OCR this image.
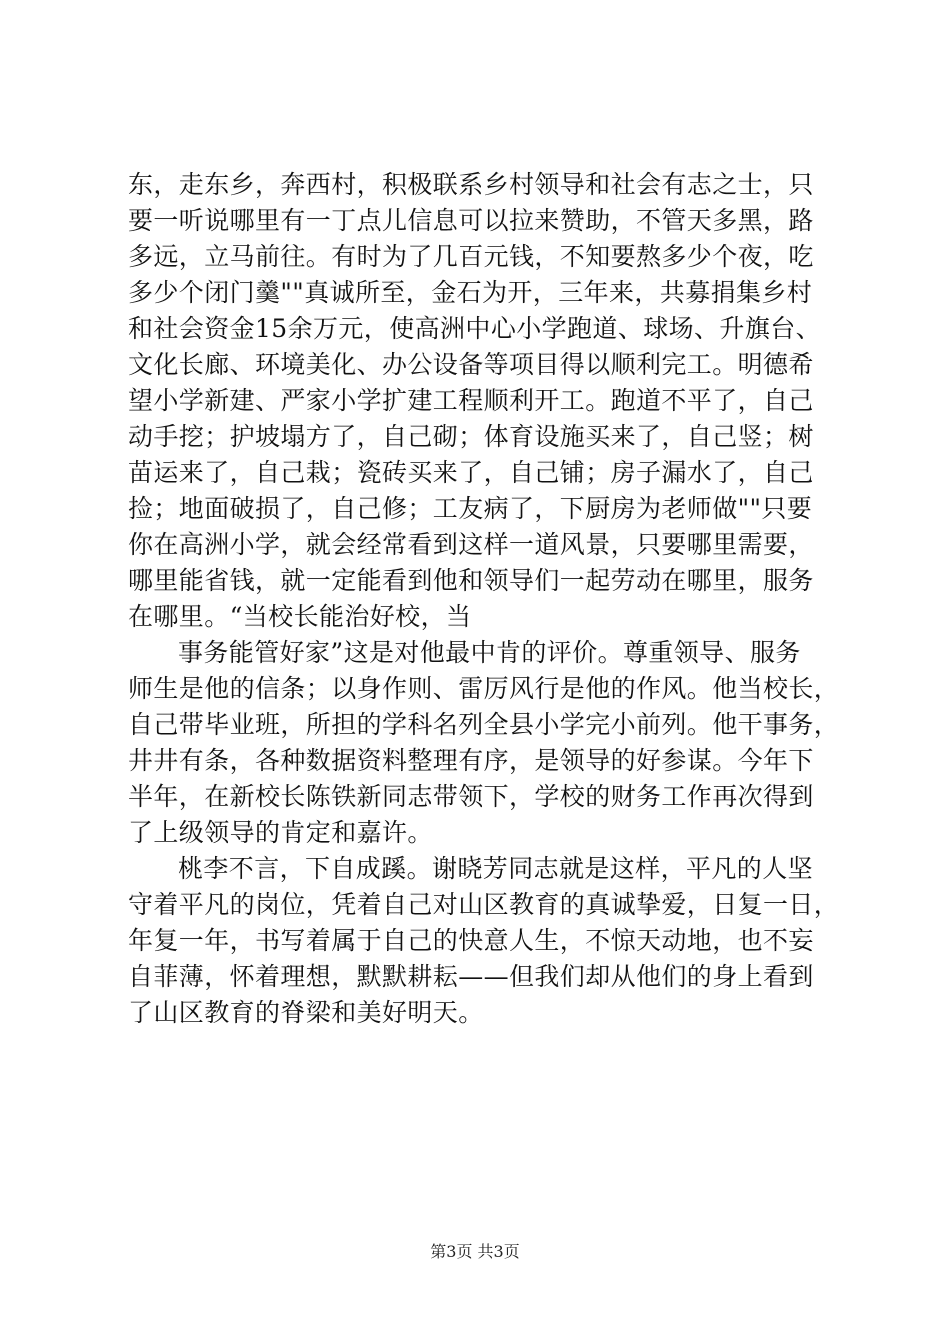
东，走东乡，奔西村，积极联系乡村领导和社会有志之士，只
要一听说哪里有一丁点儿信息可以拉来赞助，不管天多黑，路
多远，立马前往。有时为了几百元钱，不知要熬多少个夜，吃
多少个闭门羹""真诚所至，金石为开，三年来，共募捐集乡村
和社会资金15余万元，使高洲中心小学跑道、球场、升旗台、
文化长廊、环境美化、办公设备等项目得以顺利完工。明德希
望小学新建、严家小学扩建工程顺利开工。跑道不平了，自己
动手挖；护坡塌方了，自己砌；体育设施买来了，自己竖；树
苗运来了，自己栽；瓷砖买来了，自己铺；房子漏水了，自己
捡；地面破损了，自己修；工友病了，下厨房为老师做""只要
你在高洲小学，就会经常看到这样一道风景，只要哪里需要，
哪里能省钱，就一定能看到他和领导们一起劳动在哪里，服务
在哪里。“当校长能治好校，当
事务能管好家”这是对他最中肯的评价。尊重领导、服务
师生是他的信条；以身作则、雷厉风行是他的作风。他当校长，
自己带毕业班，所担的学科名列全县小学完小前列。他干事务，
井井有条，各种数据资料整理有序，是领导的好参谋。今年下
半年，在新校长陈铁新同志带领下，学校的财务工作再次得到
了上级领导的肯定和嘉许。
桃李不言，下自成蹊。谢晓芳同志就是这样，平凡的人坚
守着平凡的岗位，凭着自己对山区教育的真诚挚爱，日复一日，
年复一年，书写着属于自己的快意人生，不惊天动地，也不妄
自菲薄，怀着理想，默默耕耘——但我们却从他们的身上看到
了山区教育的脊梁和美好明天。
第3页 共3页
